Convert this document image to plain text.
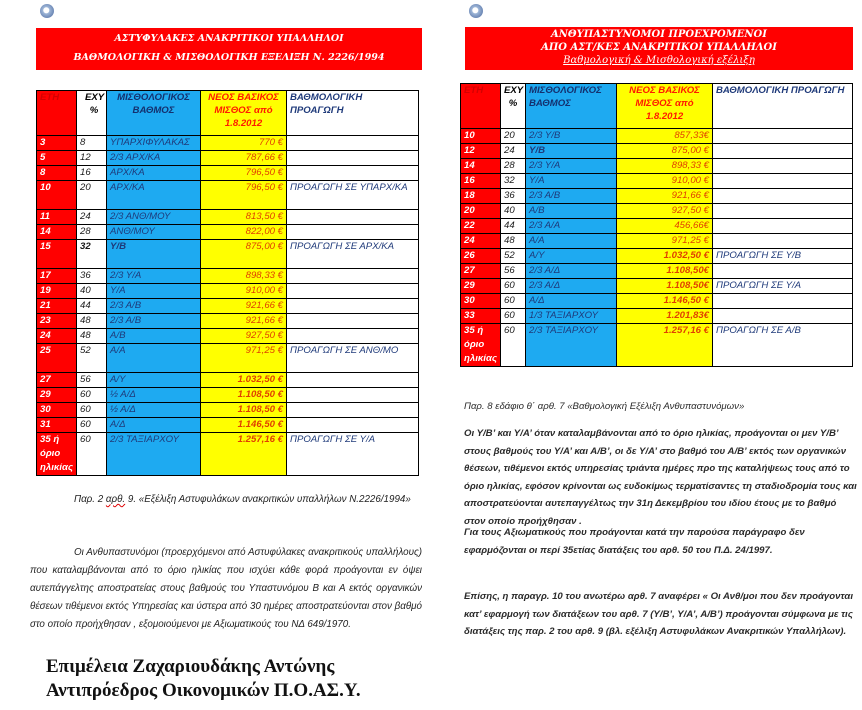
ΑΣΤΥΦΥΛΑΚΕΣ ΑΝΑΚΡΙΤΙΚΟΙ ΥΠΑΛΛΗΛΟΙ
ΒΑΘΜΟΛΟΓΙΚΗ & ΜΙΣΘΟΛΟΓΙΚΗ ΕΞΕΛΙΞΗ Ν. 2226/1994
ΕΤΗ	ΕΧΥ %	ΜΙΣΘΟΛΟΓΙΚΟΣ ΒΑΘΜΟΣ	ΝΕΟΣ ΒΑΣΙΚΟΣ ΜΙΣΘΟΣ από 1.8.2012	ΒΑΘΜΟΛΟΓΙΚΗ ΠΡΟΑΓΩΓΗ
3	8	ΥΠΑΡΧΙΦΥΛΑΚΑΣ	770 €	
5	12	2/3 ΑΡΧ/ΚΑ	787,66 €	
8	16	ΑΡΧ/ΚΑ	796,50 €	
10	20	ΑΡΧ/ΚΑ	796,50 €	ΠΡΟΑΓΩΓΗ ΣΕ ΥΠΑΡΧ/ΚΑ
11	24	2/3 ΑΝΘ/ΜΟΥ	813,50 €	
14	28	ΑΝΘ/ΜΟΥ	822,00 €	
15	32	Υ/Β	875,00 €	ΠΡΟΑΓΩΓΗ ΣΕ ΑΡΧ/ΚΑ
17	36	2/3 Υ/Α	898,33 €	
19	40	Υ/Α	910,00 €	
21	44	2/3 Α/Β	921,66 €	
23	48	2/3 Α/Β	921,66 €	
24	48	Α/Β	927,50 €	
25	52	Α/Α	971,25 €	ΠΡΟΑΓΩΓΗ ΣΕ ΑΝΘ/ΜΟ
27	56	Α/Υ	1.032,50 €	
29	60	½ Α/Δ	1.108,50 €	
30	60	½ Α/Δ	1.108,50 €	
31	60	Α/Δ	1.146,50 €	
35 ή όριο ηλικίας	60	2/3 ΤΑΞΙΑΡΧΟΥ	1.257,16 €	ΠΡΟΑΓΩΓΗ ΣΕ Υ/Α
Παρ. 2 αρθ. 9. «Εξέλιξη Αστυφυλάκων ανακριτικών υπαλλήλων Ν.2226/1994»
Οι Ανθυπαστυνόμοι (προερχόμενοι από Αστυφύλακες ανακριτικούς υπαλλήλους) που καταλαμβάνονται από το όριο ηλικίας που ισχύει κάθε φορά προάγονται εν όψει αυτεπάγγελτης αποστρατείας στους βαθμούς του Υπαστυνόμου Β και Α εκτός οργανικών θέσεων τιθέμενοι εκτός Υπηρεσίας και ύστερα από 30 ημέρες αποστρατεύονται στον βαθμό στο οποίο προήχθησαν , εξομοιούμενοι με Αξιωματικούς του ΝΔ 649/1970.
Επιμέλεια Ζαχαριουδάκης Αντώνης
Αντιπρόεδρος Οικονομικών Π.Ο.ΑΣ.Υ.
ΑΝΘΥΠΑΣΤΥΝΟΜΟΙ ΠΡΟΕΧΡΟΜΕΝΟΙ
ΑΠΟ ΑΣΤ/ΚΕΣ ΑΝΑΚΡΙΤΙΚΟΙ ΥΠΑΛΛΗΛΟΙ
Βαθμολογική & Μισθολογική εξέλιξη
ΕΤΗ	ΕΧΥ %	ΜΙΣΘΟΛΟΓΙΚΟΣ ΒΑΘΜΟΣ	ΝΕΟΣ ΒΑΣΙΚΟΣ ΜΙΣΘΟΣ από 1.8.2012	ΒΑΘΜΟΛΟΓΙΚΗ ΠΡΟΑΓΩΓΗ
10	20	2/3 Υ/Β	857,33€	
12	24	Υ/Β	875,00 €	
14	28	2/3 Υ/Α	898,33 €	
16	32	Υ/Α	910,00 €	
18	36	2/3 Α/Β	921,66 €	
20	40	Α/Β	927,50 €	
22	44	2/3 Α/Α	456,66€	
24	48	Α/Α	971,25 €	
26	52	Α/Υ	1.032,50 €	ΠΡΟΑΓΩΓΗ ΣΕ Υ/Β
27	56	2/3 Α/Δ	1.108,50€	
29	60	2/3 Α/Δ	1.108,50€	ΠΡΟΑΓΩΓΗ ΣΕ Υ/Α
30	60	Α/Δ	1.146,50 €	
33	60	1/3 ΤΑΞΙΑΡΧΟΥ	1.201,83€	
35 ή όριο ηλικίας	60	2/3 ΤΑΞΙΑΡΧΟΥ	1.257,16 €	ΠΡΟΑΓΩΓΗ ΣΕ Α/Β
Παρ. 8 εδάφιο θ΄ αρθ. 7 «Βαθμολογική Εξέλιξη Ανθυπαστυνόμων»
Οι Υ/Β’ και Υ/Α’ όταν καταλαμβάνονται από το όριο ηλικίας, προάγονται οι μεν Υ/Β’ στους βαθμούς του Υ/Α’ και Α/Β’, οι δε Υ/Α’ στο βαθμό του Α/Β’ εκτός των οργανικών θέσεων, τιθέμενοι εκτός υπηρεσίας τριάντα ημέρες προ της καταλήψεως τους από το όριο ηλικίας, εφόσον κρίνονται ως ευδοκίμως τερματίσαντες τη σταδιοδρομία τους και αποστρατεύονται αυτεπαγγέλτως την 31η Δεκεμβρίου του ιδίου έτους με το βαθμό στον οποίο προήχθησαν .
Για τους Αξιωματικούς που προάγονται κατά την παρούσα παράγραφο δεν εφαρμόζονται οι περί 35ετίας διατάξεις του αρθ. 50 του Π.Δ. 24/1997.
Επίσης, η παραγρ. 10 του ανωτέρω αρθ. 7 αναφέρει « Οι Ανθ/μοι που δεν προάγονται κατ’ εφαρμογή των διατάξεων του αρθ. 7 (Υ/Β’, Υ/Α’, Α/Β’) προάγονται σύμφωνα με τις διατάξεις της παρ. 2 του αρθ. 9 (βλ. εξέλιξη Αστυφυλάκων Ανακριτικών Υπαλλήλων).
